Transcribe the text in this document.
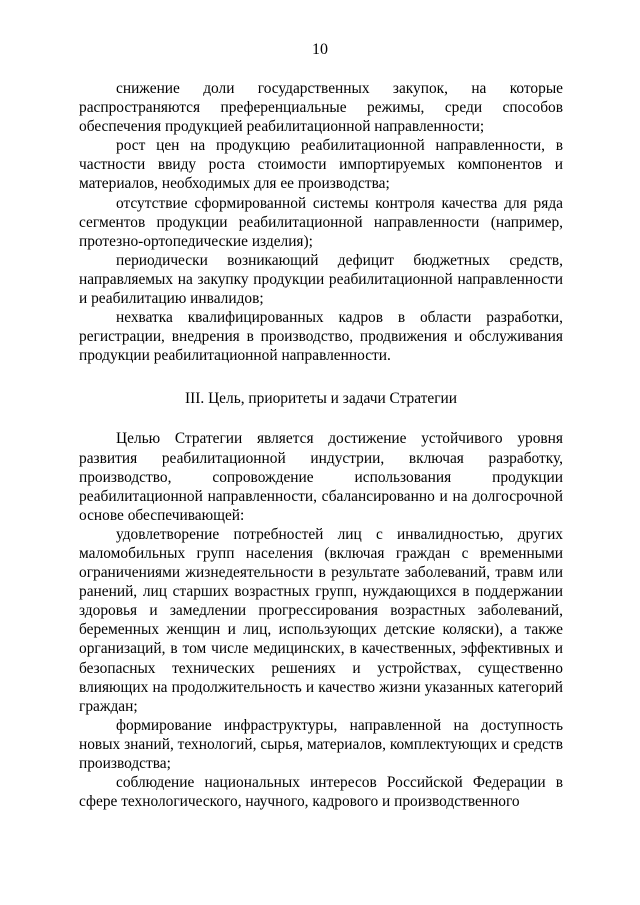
10

снижение доли государственных закупок, на которые распространяются преференциальные режимы, среди способов обеспечения продукцией реабилитационной направленности;

рост цен на продукцию реабилитационной направленности, в частности ввиду роста стоимости импортируемых компонентов и материалов, необходимых для ее производства;

отсутствие сформированной системы контроля качества для ряда сегментов продукции реабилитационной направленности (например, протезно-ортопедические изделия);

периодически возникающий дефицит бюджетных средств, направляемых на закупку продукции реабилитационной направленности и реабилитацию инвалидов;

нехватка квалифицированных кадров в области разработки, регистрации, внедрения в производство, продвижения и обслуживания продукции реабилитационной направленности.

III. Цель, приоритеты и задачи Стратегии

Целью Стратегии является достижение устойчивого уровня развития реабилитационной индустрии, включая разработку, производство, сопровождение использования продукции реабилитационной направленности, сбалансированно и на долгосрочной основе обеспечивающей:

удовлетворение потребностей лиц с инвалидностью, других маломобильных групп населения (включая граждан с временными ограничениями жизнедеятельности в результате заболеваний, травм или ранений, лиц старших возрастных групп, нуждающихся в поддержании здоровья и замедлении прогрессирования возрастных заболеваний, беременных женщин и лиц, использующих детские коляски), а также организаций, в том числе медицинских, в качественных, эффективных и безопасных технических решениях и устройствах, существенно влияющих на продолжительность и качество жизни указанных категорий граждан;

формирование инфраструктуры, направленной на доступность новых знаний, технологий, сырья, материалов, комплектующих и средств производства;

соблюдение национальных интересов Российской Федерации в сфере технологического, научного, кадрового и производственного
